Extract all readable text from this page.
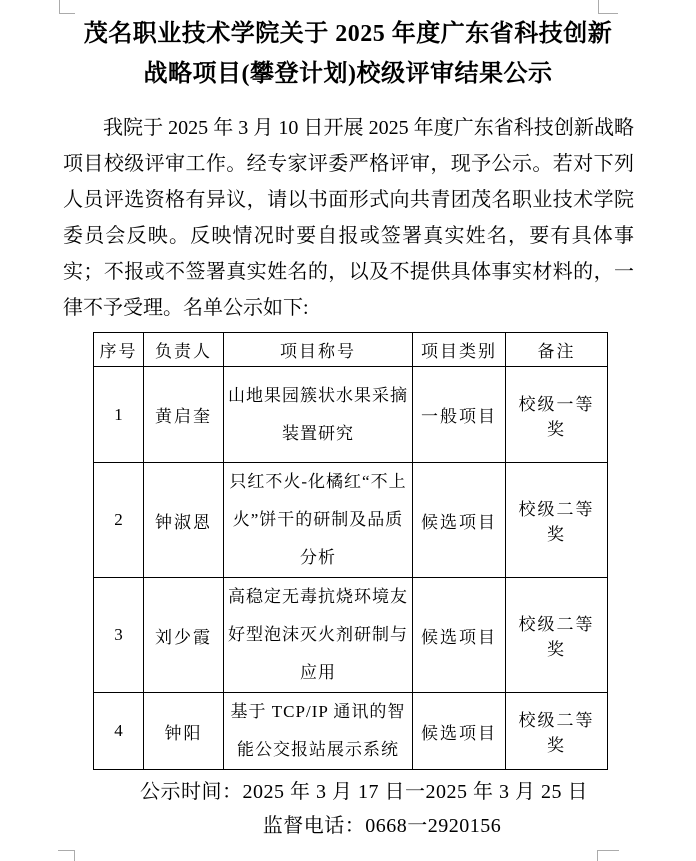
茂名职业技术学院关于 2025 年度广东省科技创新战略项目(攀登计划)校级评审结果公示

我院于 2025 年 3 月 10 日开展 2025 年度广东省科技创新战略项目校级评审工作。经专家评委严格评审，现予公示。若对下列人员评选资格有异议，请以书面形式向共青团茂名职业技术学院委员会反映。反映情况时要自报或签署真实姓名，要有具体事实；不报或不签署真实姓名的，以及不提供具体事实材料的，一律不予受理。名单公示如下:

序号	负责人	项目称号	项目类别	备注
1	黄启奎	山地果园簇状水果采摘装置研究	一般项目	校级一等奖
2	钟淑恩	只红不火-化橘红“不上火”饼干的研制及品质分析	候选项目	校级二等奖
3	刘少霞	高稳定无毒抗烧环境友好型泡沫灭火剂研制与应用	候选项目	校级二等奖
4	钟阳	基于 TCP/IP 通讯的智能公交报站展示系统	候选项目	校级二等奖
公示时间：2025 年 3 月 17 日一2025 年 3 月 25 日
监督电话：0668一2920156
